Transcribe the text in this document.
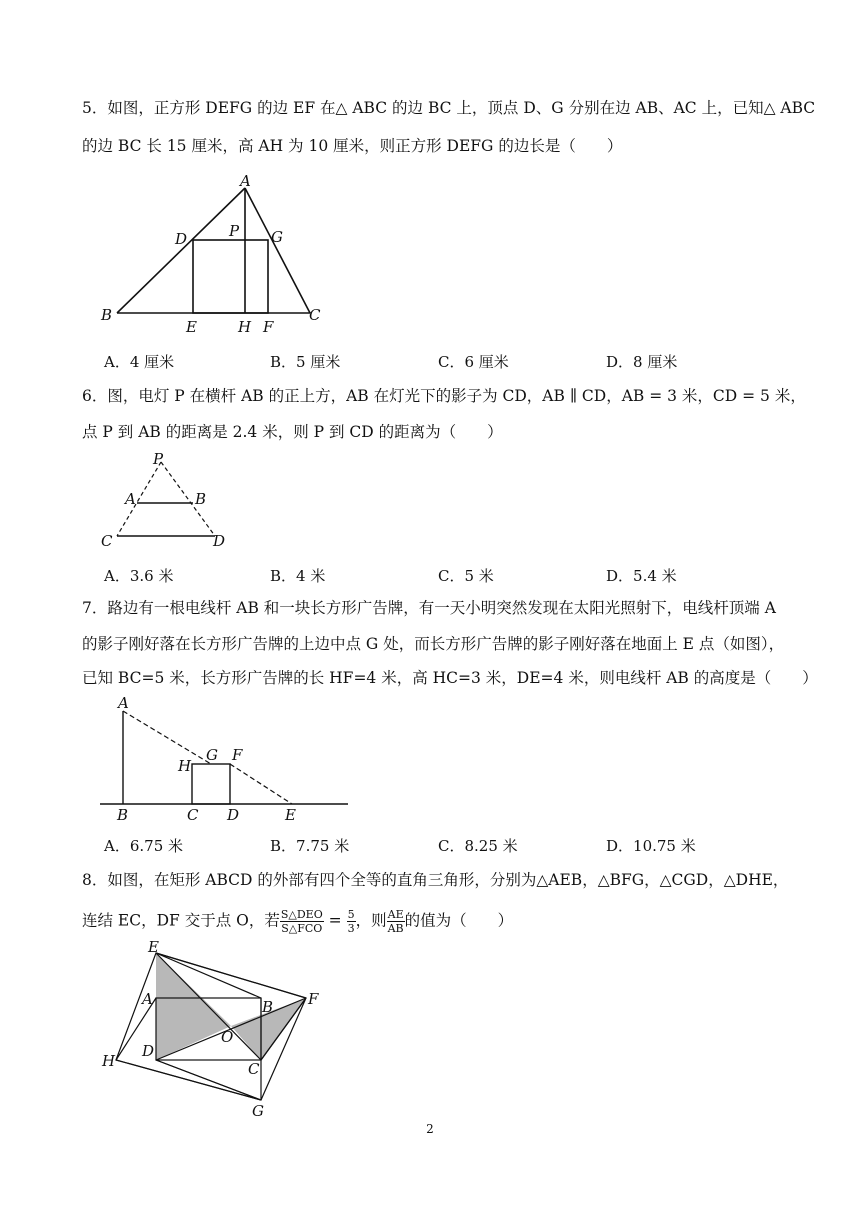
5．如图，正方形 DEFG 的边 EF 在△ ABC 的边 BC 上，顶点 D、G 分别在边 AB、AC 上，已知△ ABC
的边 BC 长 15 厘米，高 AH 为 10 厘米，则正方形 DEFG 的边长是（　　）
A
B	C
D
E	F
G
H
P
A．4 厘米	B．5 厘米	C．6 厘米	D．8 厘米
6．图，电灯 P 在横杆 AB 的正上方，AB 在灯光下的影子为 CD，AB ∥ CD，AB = 3 米，CD = 5 米，
点 P 到 AB 的距离是 2.4 米，则 P 到 CD 的距离为（　　）
P
A	B
C	D
A．3.6 米	B．4 米	C．5 米	D．5.4 米
7．路边有一根电线杆 AB 和一块长方形广告牌，有一天小明突然发现在太阳光照射下，电线杆顶端 A
的影子刚好落在长方形广告牌的上边中点 G 处，而长方形广告牌的影子刚好落在地面上 E 点（如图），
已知 BC=5 米，长方形广告牌的长 HF=4 米，高 HC=3 米，DE=4 米，则电线杆 AB 的高度是（　　）
A
B	C D	E
F
G
H
A．6.75 米	B．7.75 米	C．8.25 米	D．10.75 米
8．如图，在矩形 ABCD 的外部有四个全等的直角三角形，分别为△AEB，△BFG，△CGD，△DHE，
连结 EC，DF 交于点 O，若 $\frac{\text{S△DEO}}{\text{S△FCO}} = \frac{5}{3}$ ，则 $\frac{AE}{AB}$ 的值为（　　）
E
A	B F
O
H
D
C
G
2
